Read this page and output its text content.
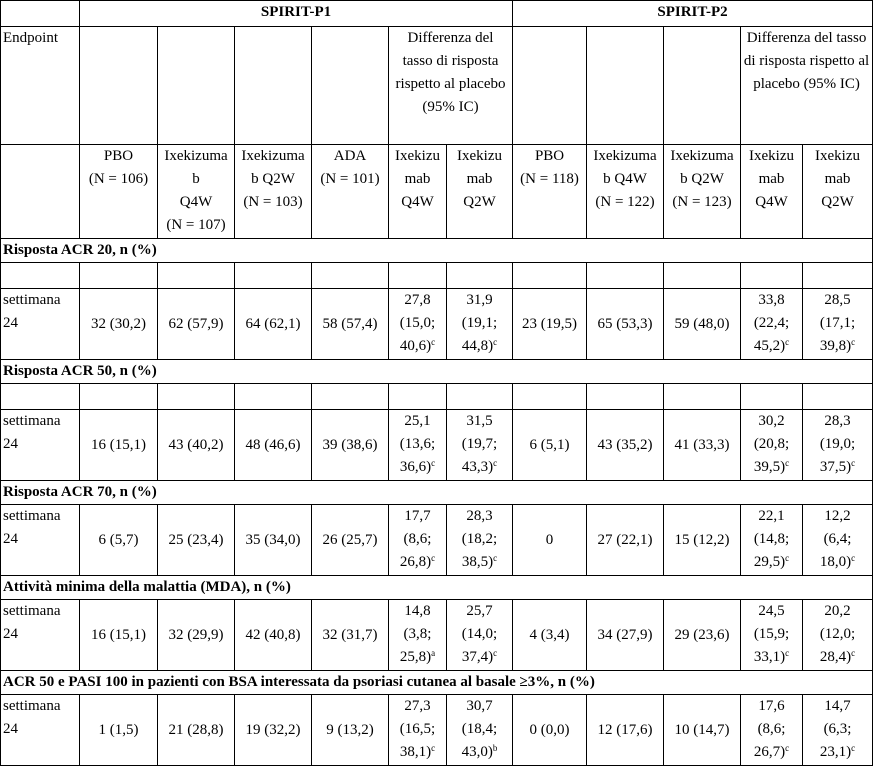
	SPIRIT-P1						SPIRIT-P2				
Endpoint					Differenza del tasso di risposta rispetto al placebo (95% IC)					Differenza del tasso di risposta rispetto al placebo (95% IC)	
	PBO
(N = 106)	Ixekizuma
b
Q4W
(N = 107)	Ixekizuma
b Q2W
(N = 103)	ADA
(N = 101)	Ixekizu
mab
Q4W	Ixekizu
mab
Q2W	PBO
(N = 118)	Ixekizuma
b Q4W
(N = 122)	Ixekizuma
b Q2W
(N = 123)	Ixekizu
mab
Q4W	Ixekizu
mab
Q2W
Risposta ACR 20, n (%)											

settimana
24	32 (30,2)	62 (57,9)	64 (62,1)	58 (57,4)	27,8
(15,0;
40,6)$^c$	31,9
(19,1;
44,8)$^c$	23 (19,5)	65 (53,3)	59 (48,0)	33,8
(22,4;
45,2)$^c$	28,5
(17,1;
39,8)$^c$
Risposta ACR 50, n (%)											

settimana
24	16 (15,1)	43 (40,2)	48 (46,6)	39 (38,6)	25,1
(13,6;
36,6)$^c$	31,5
(19,7;
43,3)$^c$	6 (5,1)	43 (35,2)	41 (33,3)	30,2
(20,8;
39,5)$^c$	28,3
(19,0;
37,5)$^c$
Risposta ACR 70, n (%)											
settimana
24	6 (5,7)	25 (23,4)	35 (34,0)	26 (25,7)	17,7
(8,6;
26,8)$^c$	28,3
(18,2;
38,5)$^c$	0	27 (22,1)	15 (12,2)	22,1
(14,8;
29,5)$^c$	12,2
(6,4;
18,0)$^c$
Attività minima della malattia (MDA), n (%)											
settimana
24	16 (15,1)	32 (29,9)	42 (40,8)	32 (31,7)	14,8
(3,8;
25,8)$^a$	25,7
(14,0;
37,4)$^c$	4 (3,4)	34 (27,9)	29 (23,6)	24,5
(15,9;
33,1)$^c$	20,2
(12,0;
28,4)$^c$
ACR 50 e PASI 100 in pazienti con BSA interessata da psoriasi cutanea al basale ≥3%, n (%)											
settimana
24	1 (1,5)	21 (28,8)	19 (32,2)	9 (13,2)	27,3
(16,5;
38,1)$^c$	30,7
(18,4;
43,0)$^b$	0 (0,0)	12 (17,6)	10 (14,7)	17,6
(8,6;
26,7)$^c$	14,7
(6,3;
23,1)$^c$
